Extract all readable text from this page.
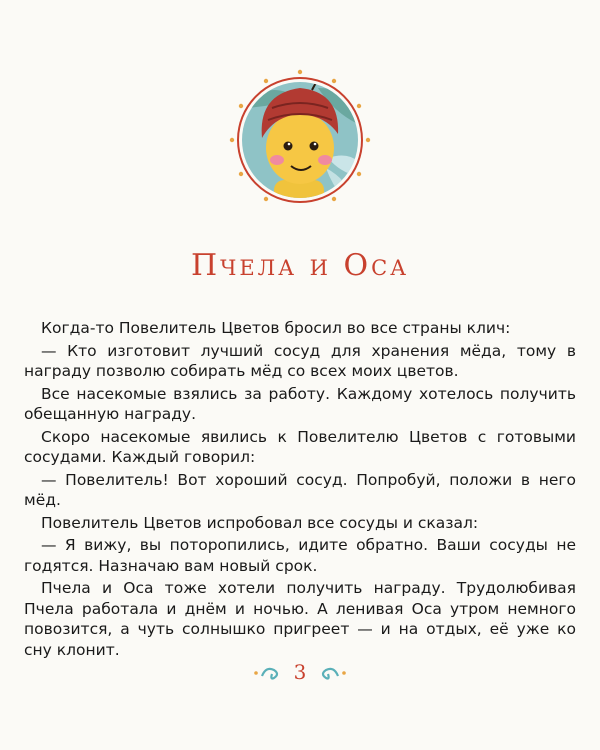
Пчела и Оса

Когда-то Повелитель Цветов бросил во все страны клич:

— Кто изготовит лучший сосуд для хранения мёда, тому в награду позволю собирать мёд со всех моих цветов.

Все насекомые взялись за работу. Каждому хотелось получить обещанную награду.

Скоро насекомые явились к Повелителю Цветов с готовыми сосудами. Каждый говорил:

— Повелитель! Вот хороший сосуд. Попробуй, положи в него мёд.

Повелитель Цветов испробовал все сосуды и сказал:

— Я вижу, вы поторопились, идите обратно. Ваши сосуды не годятся. Назначаю вам новый срок.

Пчела и Оса тоже хотели получить награду. Трудолюбивая Пчела работала и днём и ночью. А ленивая Оса утром немного повозится, а чуть солнышко пригреет — и на отдых, её уже ко сну клонит.

3
